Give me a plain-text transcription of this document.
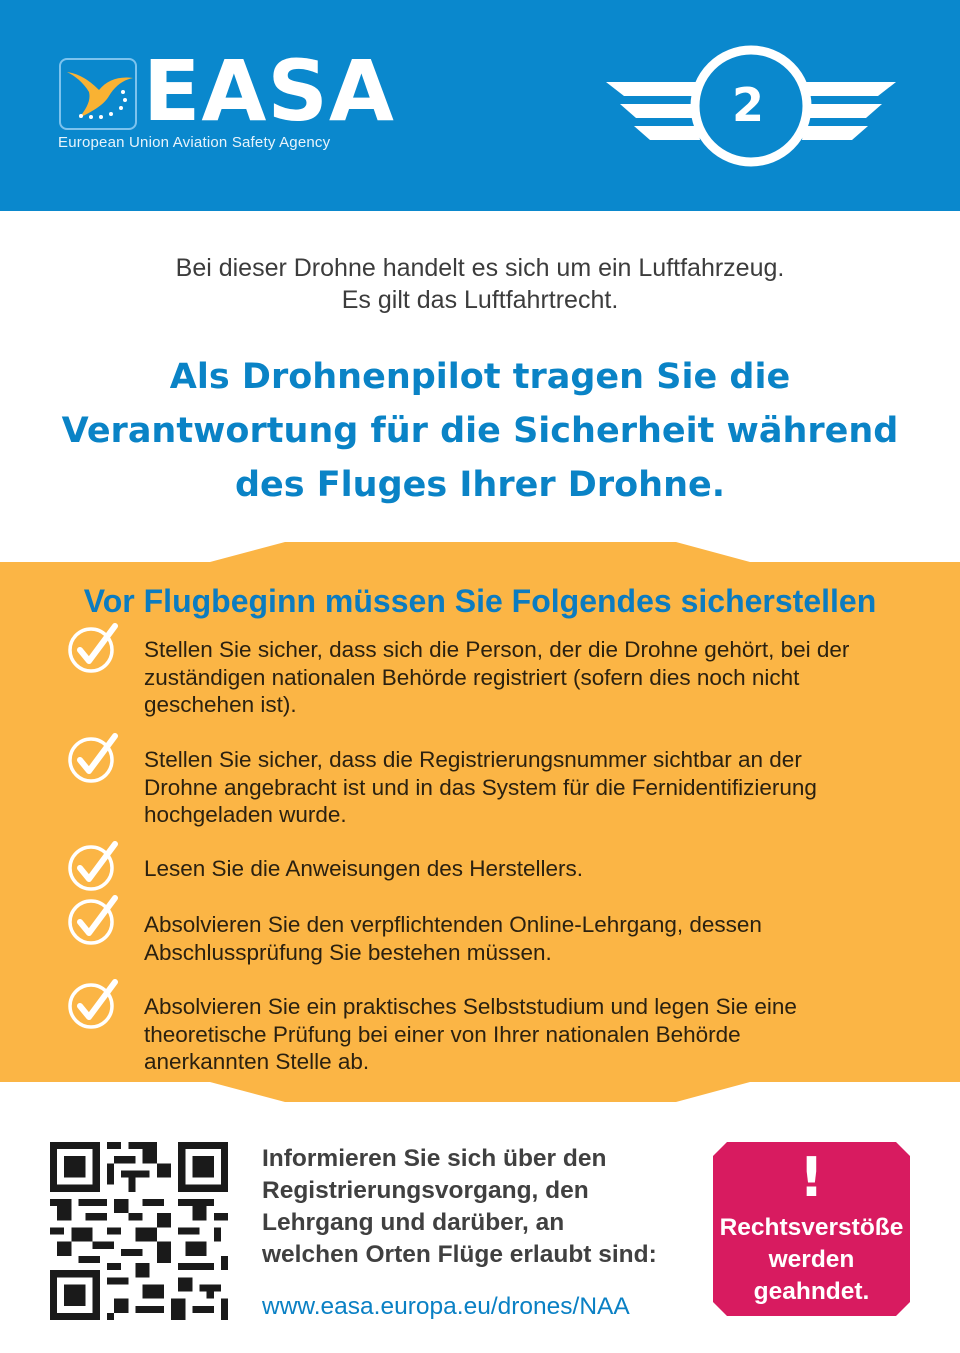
EASA
European Union Aviation Safety Agency
2
Bei dieser Drohne handelt es sich um ein Luftfahrzeug.
Es gilt das Luftfahrtrecht.
Als Drohnenpilot tragen Sie die
Verantwortung für die Sicherheit während
des Fluges Ihrer Drohne.
Vor Flugbeginn müssen Sie Folgendes sicherstellen
Stellen Sie sicher, dass sich die Person, der die Drohne gehört, bei der
zuständigen nationalen Behörde registriert (sofern dies noch nicht
geschehen ist).
Stellen Sie sicher, dass die Registrierungsnummer sichtbar an der
Drohne angebracht ist und in das System für die Fernidentifizierung
hochgeladen wurde.
Lesen Sie die Anweisungen des Herstellers.
Absolvieren Sie den verpflichtenden Online-Lehrgang, dessen
Abschlussprüfung Sie bestehen müssen.
Absolvieren Sie ein praktisches Selbststudium und legen Sie eine
theoretische Prüfung bei einer von Ihrer nationalen Behörde
anerkannten Stelle ab.
Informieren Sie sich über den
Registrierungsvorgang, den
Lehrgang und darüber, an
welchen Orten Flüge erlaubt sind:
www.easa.europa.eu/drones/NAA
!
Rechtsverstöße
werden
geahndet.
